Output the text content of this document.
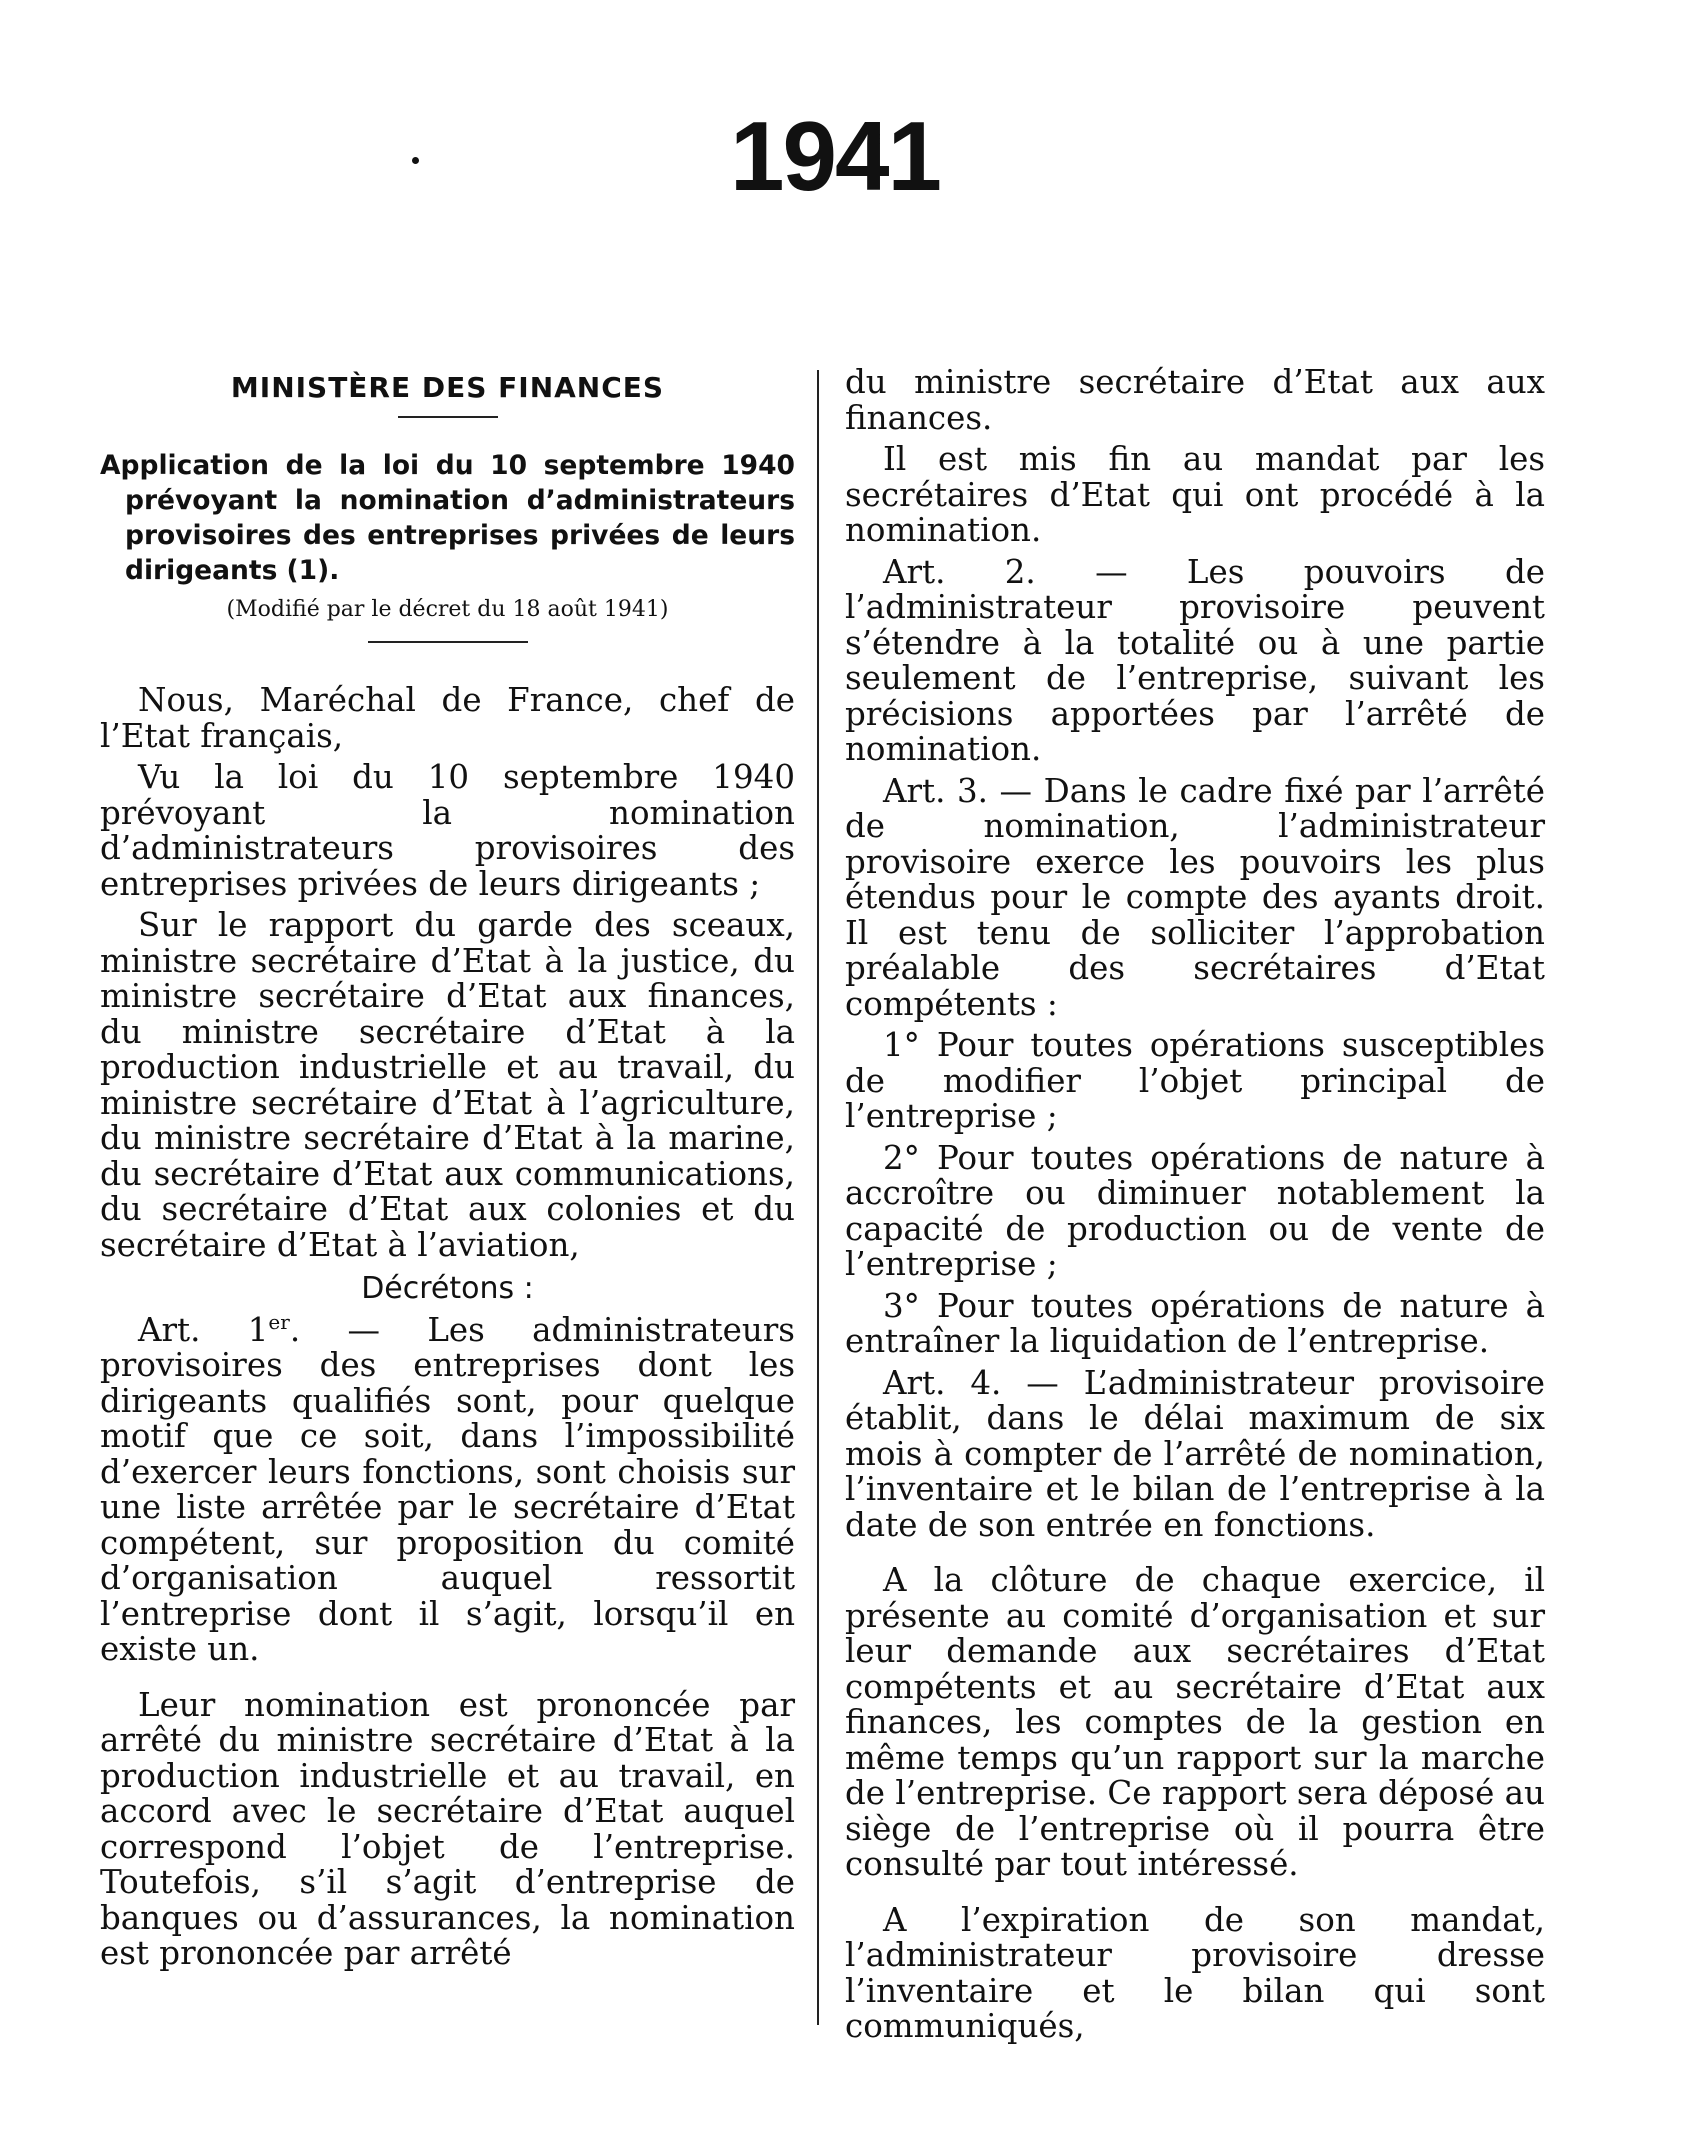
1941
MINISTÈRE DES FINANCES
Application de la loi du 10 septembre 1940 prévoyant la nomination d’administrateurs provisoires des entreprises privées de leurs dirigeants (1).
(Modifié par le décret du 18 août 1941)

Nous, Maréchal de France, chef de l’Etat français,

Vu la loi du 10 septembre 1940 prévoyant la nomination d’administrateurs provisoires des entreprises privées de leurs dirigeants ;

Sur le rapport du garde des sceaux, ministre secrétaire d’Etat à la justice, du ministre secrétaire d’Etat aux finances, du ministre secrétaire d’Etat à la production industrielle et au travail, du ministre secrétaire d’Etat à l’agriculture, du ministre secrétaire d’Etat à la marine, du secrétaire d’Etat aux communications, du secrétaire d’Etat aux colonies et du secrétaire d’Etat à l’aviation,

Décrétons :

Art. 1er. — Les administrateurs provisoires des entreprises dont les dirigeants qualifiés sont, pour quelque motif que ce soit, dans l’impossibilité d’exercer leurs fonctions, sont choisis sur une liste arrêtée par le secrétaire d’Etat compétent, sur proposition du comité d’organisation auquel ressortit l’entreprise dont il s’agit, lorsqu’il en existe un.

Leur nomination est prononcée par arrêté du ministre secrétaire d’Etat à la production industrielle et au travail, en accord avec le secrétaire d’Etat auquel correspond l’objet de l’entreprise. Toutefois, s’il s’agit d’entreprise de banques ou d’assurances, la nomination est prononcée par arrêté

du ministre secrétaire d’Etat aux aux finances.

Il est mis fin au mandat par les secrétaires d’Etat qui ont procédé à la nomination.

Art. 2. — Les pouvoirs de l’administrateur provisoire peuvent s’étendre à la totalité ou à une partie seulement de l’entreprise, suivant les précisions apportées par l’arrêté de nomination.

Art. 3. — Dans le cadre fixé par l’arrêté de nomination, l’administrateur provisoire exerce les pouvoirs les plus étendus pour le compte des ayants droit. Il est tenu de solliciter l’approbation préalable des secrétaires d’Etat compétents :

1° Pour toutes opérations susceptibles de modifier l’objet principal de l’entreprise ;

2° Pour toutes opérations de nature à accroître ou diminuer notablement la capacité de production ou de vente de l’entreprise ;

3° Pour toutes opérations de nature à entraîner la liquidation de l’entreprise.

Art. 4. — L’administrateur provisoire établit, dans le délai maximum de six mois à compter de l’arrêté de nomination, l’inventaire et le bilan de l’entreprise à la date de son entrée en fonctions.

A la clôture de chaque exercice, il présente au comité d’organisation et sur leur demande aux secrétaires d’Etat compétents et au secrétaire d’Etat aux finances, les comptes de la gestion en même temps qu’un rapport sur la marche de l’entreprise. Ce rapport sera déposé au siège de l’entreprise où il pourra être consulté par tout intéressé.

A l’expiration de son mandat, l’administrateur provisoire dresse l’inventaire et le bilan qui sont communiqués,
